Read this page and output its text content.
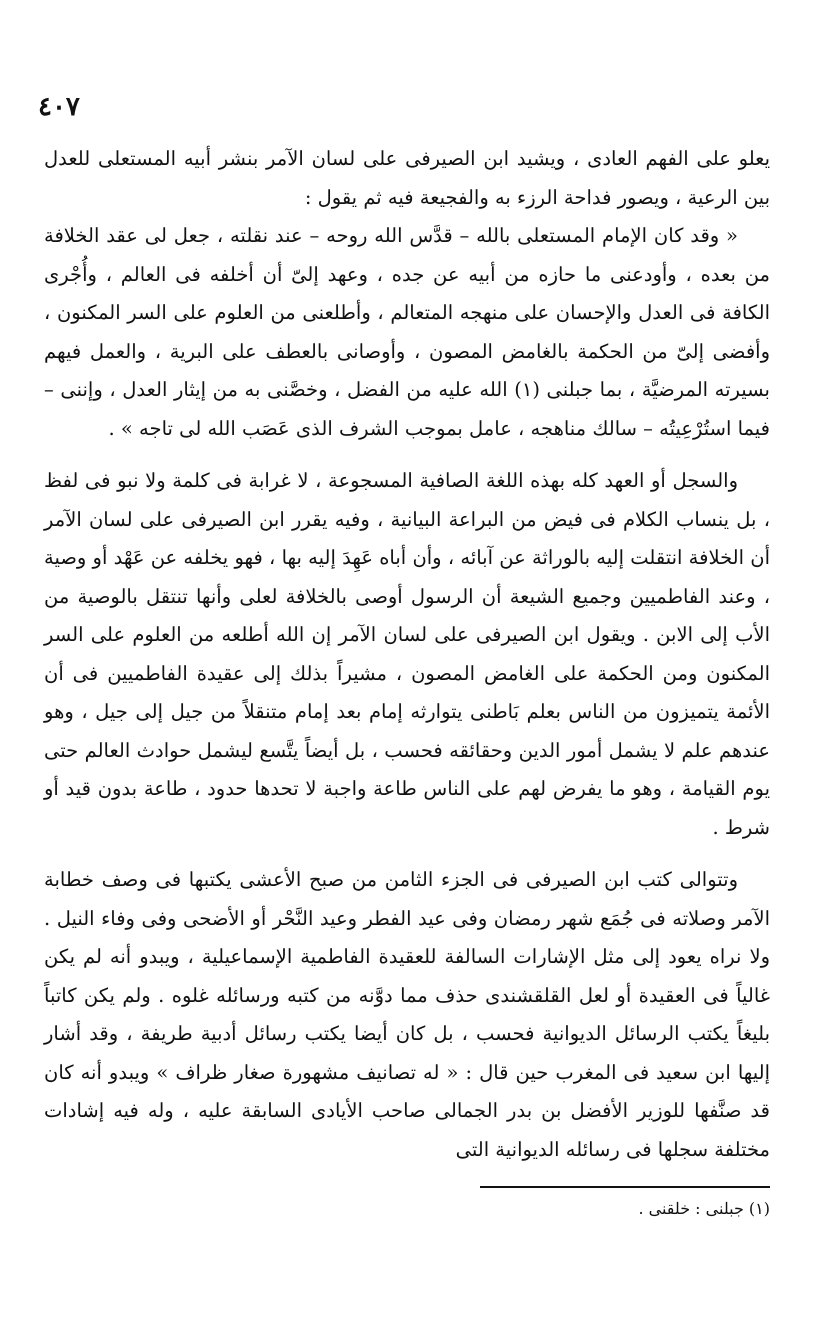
٤٠٧

يعلو على الفهم العادى ، ويشيد ابن الصيرفى على لسان الآمر بنشر أبيه المستعلى للعدل بين الرعية ، ويصور فداحة الرزء به والفجيعة فيه ثم يقول :

« وقد كان الإمام المستعلى بالله – قدَّس الله روحه – عند نقلته ، جعل لى عقد الخلافة من بعده ، وأودعنى ما حازه من أبيه عن جده ، وعهد إلىّ أن أخلفه فى العالم ، وأُجْرى الكافة فى العدل والإحسان على منهجه المتعالم ، وأطلعنى من العلوم على السر المكنون ، وأفضى إلىّ من الحكمة بالغامض المصون ، وأوصانى بالعطف على البرية ، والعمل فيهم بسيرته المرضيَّة ، بما جبلنى (١) الله عليه من الفضل ، وخصَّنى به من إيثار العدل ، وإننى – فيما استُرْعِيتُه – سالك مناهجه ، عامل بموجب الشرف الذى عَصَب الله لى تاجه » .

والسجل أو العهد كله بهذه اللغة الصافية المسجوعة ، لا غرابة فى كلمة ولا نبو فى لفظ ، بل ينساب الكلام فى فيض من البراعة البيانية ، وفيه يقرر ابن الصيرفى على لسان الآمر أن الخلافة انتقلت إليه بالوراثة عن آبائه ، وأن أباه عَهِدَ إليه بها ، فهو يخلفه عن عَهْد أو وصية ، وعند الفاطميين وجميع الشيعة أن الرسول أوصى بالخلافة لعلى وأنها تنتقل بالوصية من الأب إلى الابن . ويقول ابن الصيرفى على لسان الآمر إن الله أطلعه من العلوم على السر المكنون ومن الحكمة على الغامض المصون ، مشيراً بذلك إلى عقيدة الفاطميين فى أن الأئمة يتميزون من الناس بعلم بَاطنى يتوارثه إمام بعد إمام متنقلاً من جيل إلى جيل ، وهو عندهم علم لا يشمل أمور الدين وحقائقه فحسب ، بل أيضاً يتَّسع ليشمل حوادث العالم حتى يوم القيامة ، وهو ما يفرض لهم على الناس طاعة واجبة لا تحدها حدود ، طاعة بدون قيد أو شرط .

وتتوالى كتب ابن الصيرفى فى الجزء الثامن من صبح الأعشى يكتبها فى وصف خطابة الآمر وصلاته فى جُمَع شهر رمضان وفى عيد الفطر وعيد النَّحْر أو الأضحى وفى وفاء النيل . ولا نراه يعود إلى مثل الإشارات السالفة للعقيدة الفاطمية الإسماعيلية ، ويبدو أنه لم يكن غالياً فى العقيدة أو لعل القلقشندى حذف مما دوَّنه من كتبه ورسائله غلوه . ولم يكن كاتباً بليغاً يكتب الرسائل الديوانية فحسب ، بل كان أيضا يكتب رسائل أدبية طريفة ، وقد أشار إليها ابن سعيد فى المغرب حين قال : « له تصانيف مشهورة صغار ظراف » ويبدو أنه كان قد صنَّفها للوزير الأفضل بن بدر الجمالى صاحب الأيادى السابقة عليه ، وله فيه إشادات مختلفة سجلها فى رسائله الديوانية التى

(١) جبلنى : خلقنى .
